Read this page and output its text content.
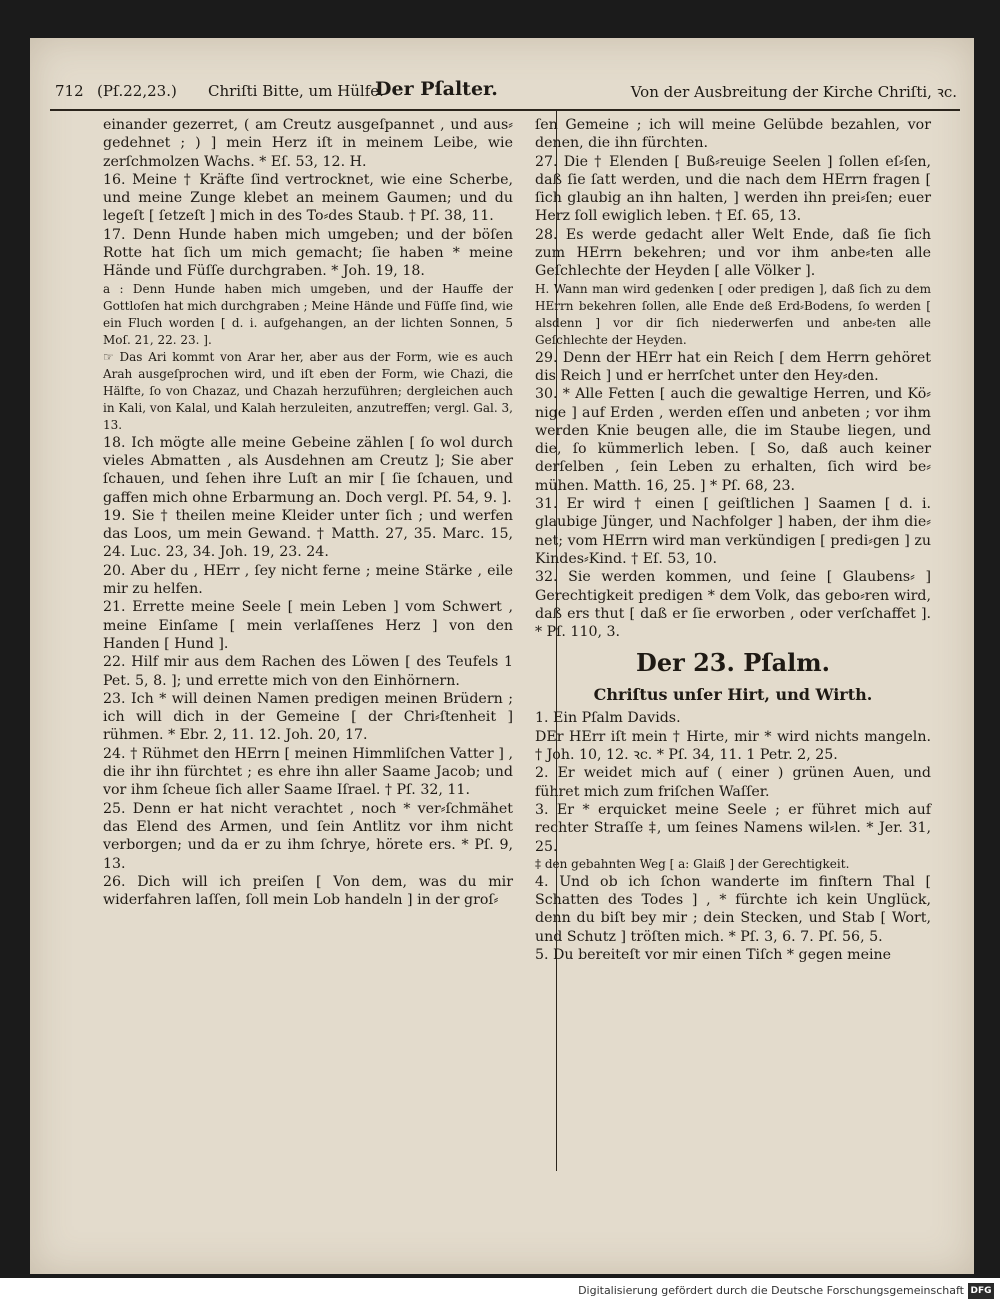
712 (Pſ.22,23.) Chriſti Bitte, um Hülfe.
Der Pſalter.	Von der Ausbreitung der Kirche Chriſti, ꝛc.

einander gezerret, ( am Creutz ausgeſpannet , und aus⸗gedehnet ; ) ] mein Herz iſt in meinem Leibe, wie zerſchmolzen Wachs. * Eſ. 53, 12. H.

16. Meine † Kräfte ſind vertrocknet, wie eine Scherbe, und meine Zunge klebet an meinem Gaumen; und du legeſt [ ſetzeſt ] mich in des To⸗des Staub. † Pſ. 38, 11.

17. Denn Hunde haben mich umgeben; und der böſen Rotte hat ſich um mich gemacht; ſie haben * meine Hände und Füſſe durchgraben. * Joh. 19, 18.

a : Denn Hunde haben mich umgeben, und der Hauffe der Gottloſen hat mich durchgraben ; Meine Hände und Füſſe ſind, wie ein Fluch worden [ d. i. aufgehangen, an der lichten Sonnen, 5 Moſ. 21, 22. 23. ].

☞ Das Ari kommt von Arar her, aber aus der Form, wie es auch Arah ausgeſprochen wird, und iſt eben der Form, wie Chazi, die Hälfte, ſo von Chazaz, und Chazah herzuführen; dergleichen auch in Kali, von Kalal, und Kalah herzuleiten, anzutreffen; vergl. Gal. 3, 13.

18. Ich mögte alle meine Gebeine zählen [ ſo wol durch vieles Abmatten , als Ausdehnen am Creutz ]; Sie aber ſchauen, und ſehen ihre Luſt an mir [ ſie ſchauen, und gaffen mich ohne Erbarmung an. Doch vergl. Pſ. 54, 9. ].

19. Sie † theilen meine Kleider unter ſich ; und werfen das Loos, um mein Gewand. † Matth. 27, 35. Marc. 15, 24. Luc. 23, 34. Joh. 19, 23. 24.

20. Aber du , HErr , ſey nicht ferne ; meine Stärke , eile mir zu helfen.

21. Errette meine Seele [ mein Leben ] vom Schwert , meine Einſame [ mein verlaſſenes Herz ] von den Handen [ Hund ].

22. Hilf mir aus dem Rachen des Löwen [ des Teufels 1 Pet. 5, 8. ]; und errette mich von den Einhörnern.

23. Ich * will deinen Namen predigen meinen Brüdern ; ich will dich in der Gemeine [ der Chri⸗ſtenheit ] rühmen. * Ebr. 2, 11. 12. Joh. 20, 17.

24. † Rühmet den HErrn [ meinen Himmliſchen Vatter ] , die ihr ihn fürchtet ; es ehre ihn aller Saame Jacob; und vor ihm ſcheue ſich aller Saame Iſrael. † Pſ. 32, 11.

25. Denn er hat nicht verachtet , noch * ver⸗ſchmähet das Elend des Armen, und ſein Antlitz vor ihm nicht verborgen; und da er zu ihm ſchrye, hörete ers. * Pſ. 9, 13.

26. Dich will ich preiſen [ Von dem, was du mir widerfahren laſſen, ſoll mein Lob handeln ] in der groſ⸗

ſen Gemeine ; ich will meine Gelübde bezahlen, vor denen, die ihn fürchten.

27. Die † Elenden [ Buß⸗reuige Seelen ] ſollen eſ⸗ſen, daß ſie ſatt werden, und die nach dem HErrn fragen [ ſich glaubig an ihn halten, ] werden ihn prei⸗ſen; euer Herz ſoll ewiglich leben. † Eſ. 65, 13.

28. Es werde gedacht aller Welt Ende, daß ſie ſich zum HErrn bekehren; und vor ihm anbe⸗ten alle Geſchlechte der Heyden [ alle Völker ].

H. Wann man wird gedenken [ oder predigen ], daß ſich zu dem HErrn bekehren ſollen, alle Ende deß Erd⸗Bodens, ſo werden [ alsdenn ] vor dir ſich niederwerfen und anbe⸗ten alle Geſchlechte der Heyden.

29. Denn der HErr hat ein Reich [ dem Herrn gehöret dis Reich ] und er herrſchet unter den Hey⸗den.

30. * Alle Fetten [ auch die gewaltige Herren, und Kö⸗nige ] auf Erden , werden eſſen und anbeten ; vor ihm werden Knie beugen alle, die im Staube liegen, und die, ſo kümmerlich leben. [ So, daß auch keiner derſelben , ſein Leben zu erhalten, ſich wird be⸗mühen. Matth. 16, 25. ] * Pſ. 68, 23.

31. Er wird † einen [ geiſtlichen ] Saamen [ d. i. glaubige Jünger, und Nachfolger ] haben, der ihm die⸗net; vom HErrn wird man verkündigen [ predi⸗gen ] zu Kindes⸗Kind. † Eſ. 53, 10.

32. Sie werden kommen, und ſeine [ Glaubens⸗ ] Gerechtigkeit predigen * dem Volk, das gebo⸗ren wird, daß ers thut [ daß er ſie erworben , oder verſchaffet ]. * Pſ. 110, 3.

Der 23. Pſalm.

Chriſtus unſer Hirt, und Wirth.

1. Ein Pſalm Davids.

DEr HErr iſt mein † Hirte, mir * wird nichts mangeln. † Joh. 10, 12. ꝛc. * Pſ. 34, 11. 1 Petr. 2, 25.

2. Er weidet mich auf ( einer ) grünen Auen, und führet mich zum friſchen Waſſer.

3. Er * erquicket meine Seele ; er führet mich auf rechter Straſſe ‡, um ſeines Namens wil⸗len. * Jer. 31, 25.

‡ den gebahnten Weg [ a: Glaiß ] der Gerechtigkeit.

4. Und ob ich ſchon wanderte im finſtern Thal [ Schatten des Todes ] , * fürchte ich kein Unglück, denn du biſt bey mir ; dein Stecken, und Stab [ Wort, und Schutz ] tröſten mich. * Pſ. 3, 6. 7. Pſ. 56, 5.

5. Du bereiteſt vor mir einen Tiſch * gegen meine

Digitalisierung gefördert durch die Deutsche Forschungsgemeinschaft DFG
